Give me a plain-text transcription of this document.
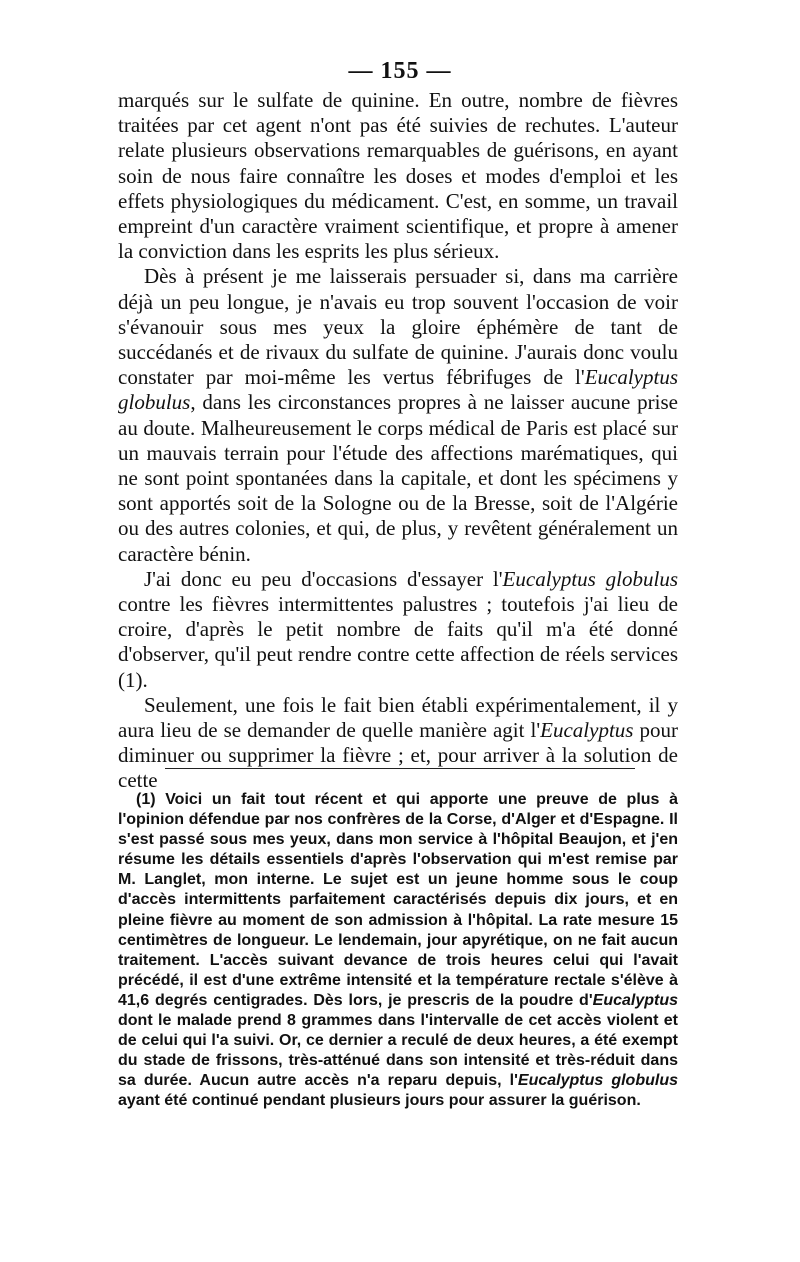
— 155 —

marqués sur le sulfate de quinine. En outre, nombre de fièvres traitées par cet agent n'ont pas été suivies de rechutes. L'auteur relate plusieurs observations remarquables de guérisons, en ayant soin de nous faire connaître les doses et modes d'emploi et les effets physiologiques du médicament. C'est, en somme, un travail empreint d'un caractère vraiment scientifique, et propre à amener la conviction dans les esprits les plus sérieux.

Dès à présent je me laisserais persuader si, dans ma carrière déjà un peu longue, je n'avais eu trop souvent l'occasion de voir s'évanouir sous mes yeux la gloire éphémère de tant de succédanés et de rivaux du sulfate de quinine. J'aurais donc voulu constater par moi-même les vertus fébrifuges de l'Eucalyptus globulus, dans les circonstances propres à ne laisser aucune prise au doute. Malheureusement le corps médical de Paris est placé sur un mauvais terrain pour l'étude des affections marématiques, qui ne sont point spontanées dans la capitale, et dont les spécimens y sont apportés soit de la Sologne ou de la Bresse, soit de l'Algérie ou des autres colonies, et qui, de plus, y revêtent généralement un caractère bénin.

J'ai donc eu peu d'occasions d'essayer l'Eucalyptus globulus contre les fièvres intermittentes palustres ; toutefois j'ai lieu de croire, d'après le petit nombre de faits qu'il m'a été donné d'observer, qu'il peut rendre contre cette affection de réels services (1).

Seulement, une fois le fait bien établi expérimentalement, il y aura lieu de se demander de quelle manière agit l'Eucalyptus pour diminuer ou supprimer la fièvre ; et, pour arriver à la solution de cette

(1) Voici un fait tout récent et qui apporte une preuve de plus à l'opinion défendue par nos confrères de la Corse, d'Alger et d'Espagne. Il s'est passé sous mes yeux, dans mon service à l'hôpital Beaujon, et j'en résume les détails essentiels d'après l'observation qui m'est remise par M. Langlet, mon interne. Le sujet est un jeune homme sous le coup d'accès intermittents parfaitement caractérisés depuis dix jours, et en pleine fièvre au moment de son admission à l'hôpital. La rate mesure 15 centimètres de longueur. Le lendemain, jour apyrétique, on ne fait aucun traitement. L'accès suivant devance de trois heures celui qui l'avait précédé, il est d'une extrême intensité et la température rectale s'élève à 41,6 degrés centigrades. Dès lors, je prescris de la poudre d'Eucalyptus dont le malade prend 8 grammes dans l'intervalle de cet accès violent et de celui qui l'a suivi. Or, ce dernier a reculé de deux heures, a été exempt du stade de frissons, très-atténué dans son intensité et très-réduit dans sa durée. Aucun autre accès n'a reparu depuis, l'Eucalyptus globulus ayant été continué pendant plusieurs jours pour assurer la guérison.
